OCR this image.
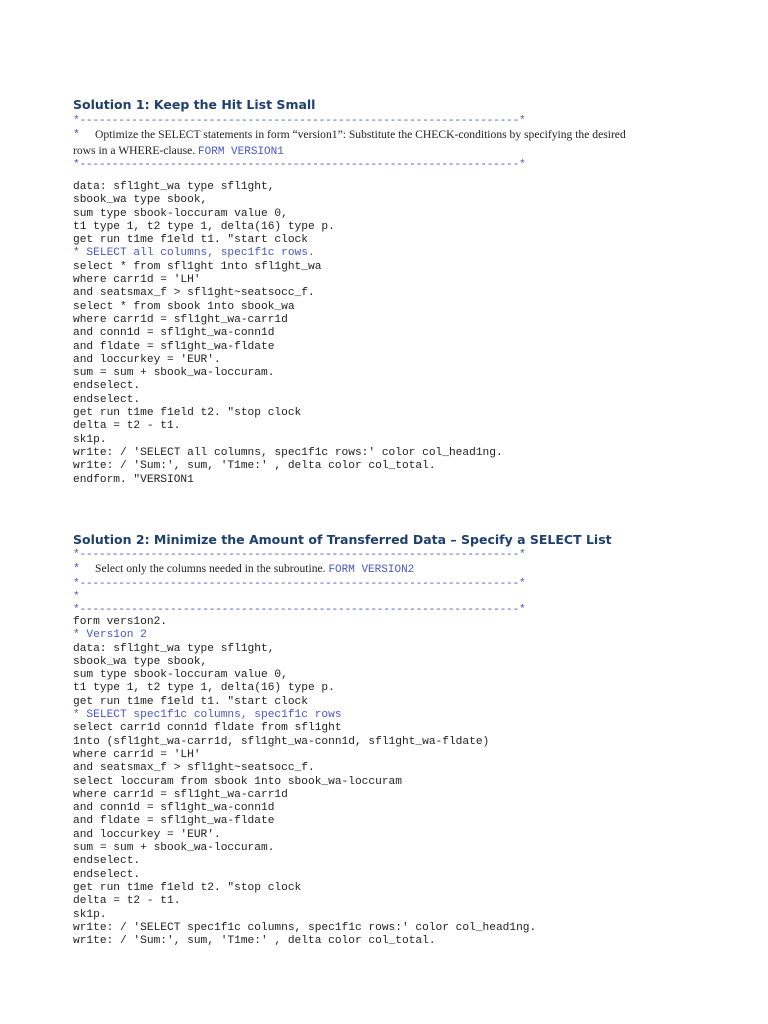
Solution 1: Keep the Hit List Small
*--------------------------------------------------------------------*
* Optimize the SELECT statements in form “version1”: Substitute the CHECK-conditions by specifying the desired
rows in a WHERE-clause. FORM VERSION1
*--------------------------------------------------------------------*
data: sfl1ght_wa type sfl1ght,
sbook_wa type sbook,
sum type sbook-loccuram value 0,
t1 type 1, t2 type 1, delta(16) type p.
get run t1me f1eld t1. "start clock
* SELECT all columns, spec1f1c rows.
select * from sfl1ght 1nto sfl1ght_wa
where carr1d = 'LH'
and seatsmax_f > sfl1ght~seatsocc_f.
select * from sbook 1nto sbook_wa
where carr1d = sfl1ght_wa-carr1d
and conn1d = sfl1ght_wa-conn1d
and fldate = sfl1ght_wa-fldate
and loccurkey = 'EUR'.
sum = sum + sbook_wa-loccuram.
endselect.
endselect.
get run t1me f1eld t2. "stop clock
delta = t2 - t1.
sk1p.
wr1te: / 'SELECT all columns, spec1f1c rows:' color col_head1ng.
wr1te: / 'Sum:', sum, 'T1me:' , delta color col_total.
endform. "VERSION1
Solution 2: Minimize the Amount of Transferred Data – Specify a SELECT List
*--------------------------------------------------------------------*
* Select only the columns needed in the subroutine. FORM VERSION2
*--------------------------------------------------------------------*
*
*--------------------------------------------------------------------*
form vers1on2.
* Vers1on 2
data: sfl1ght_wa type sfl1ght,
sbook_wa type sbook,
sum type sbook-loccuram value 0,
t1 type 1, t2 type 1, delta(16) type p.
get run t1me f1eld t1. "start clock
* SELECT spec1f1c columns, spec1f1c rows
select carr1d conn1d fldate from sfl1ght
1nto (sfl1ght_wa-carr1d, sfl1ght_wa-conn1d, sfl1ght_wa-fldate)
where carr1d = 'LH'
and seatsmax_f > sfl1ght~seatsocc_f.
select loccuram from sbook 1nto sbook_wa-loccuram
where carr1d = sfl1ght_wa-carr1d
and conn1d = sfl1ght_wa-conn1d
and fldate = sfl1ght_wa-fldate
and loccurkey = 'EUR'.
sum = sum + sbook_wa-loccuram.
endselect.
endselect.
get run t1me f1eld t2. "stop clock
delta = t2 - t1.
sk1p.
wr1te: / 'SELECT spec1f1c columns, spec1f1c rows:' color col_head1ng.
wr1te: / 'Sum:', sum, 'T1me:' , delta color col_total.
